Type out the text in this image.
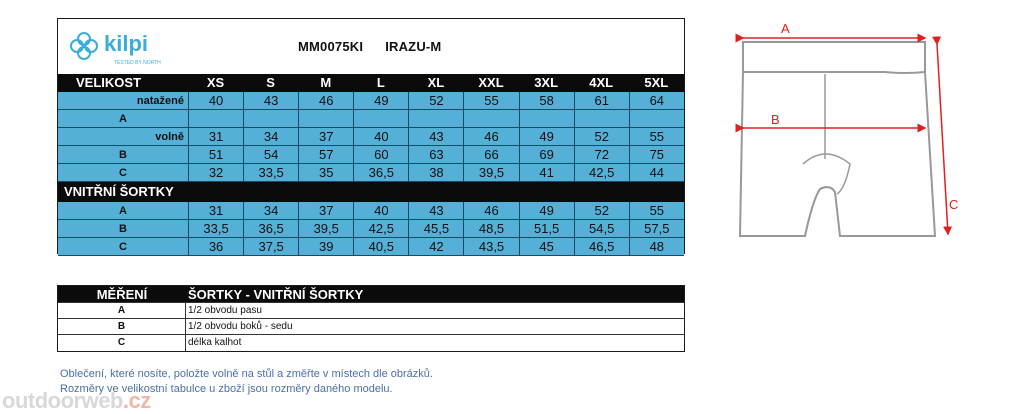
kilpi
TESTED BY NORTH
MM0075KI IRAZU-M
VELIKOST	XS	S	M	L	XL	XXL	3XL	4XL	5XL
natažené	40	43	46	49	52	55	58	61	64
A
volně	31	34	37	40	43	46	49	52	55
B	51	54	57	60	63	66	69	72	75
C	32	33,5	35	36,5	38	39,5	41	42,5	44
VNITŘNÍ ŠORTKY
A	31	34	37	40	43	46	49	52	55
B	33,5	36,5	39,5	42,5	45,5	48,5	51,5	54,5	57,5
C	36	37,5	39	40,5	42	43,5	45	46,5	48
A
B
C
MĚŘENÍ	ŠORTKY - VNITŘNÍ ŠORTKY
A	1/2 obvodu pasu
B	1/2 obvodu boků - sedu
C	délka kalhot
Oblečení, které nosíte, položte volně na stůl a změřte v místech dle obrázků.
Rozměry ve velikostní tabulce u zboží jsou rozměry daného modelu.
outdoorweb.cz
